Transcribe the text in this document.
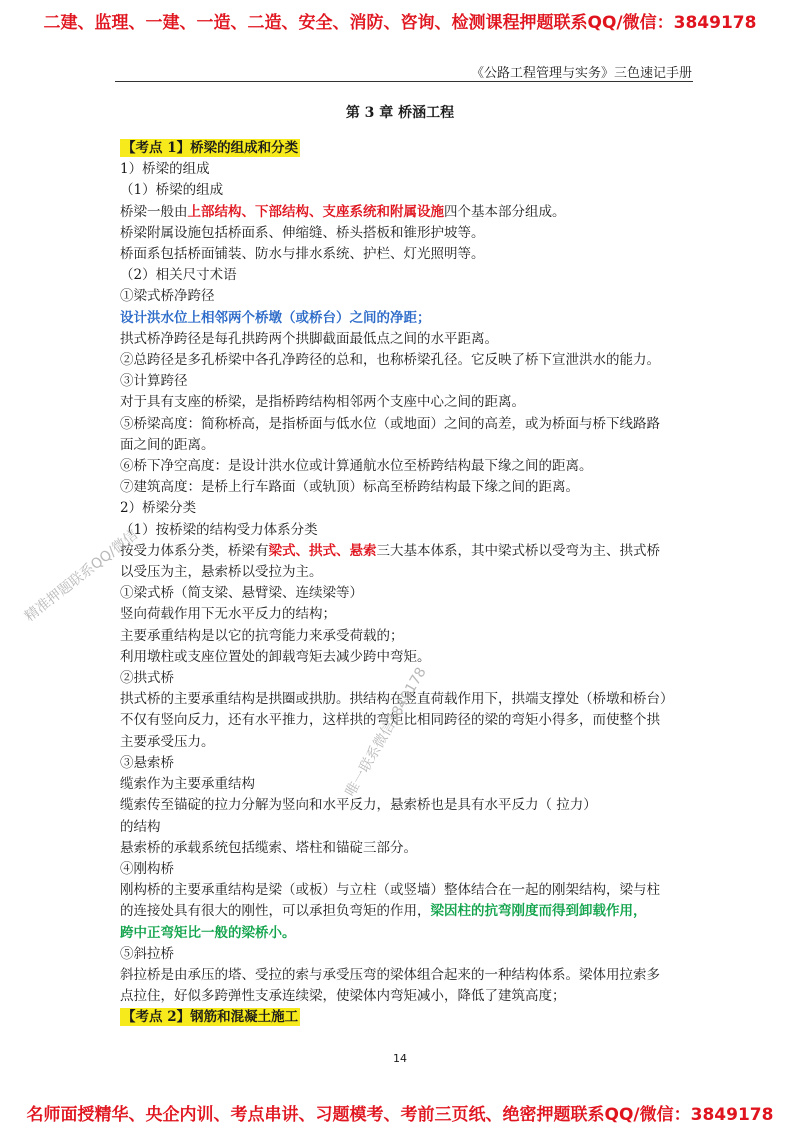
二建、监理、一建、一造、二造、安全、消防、咨询、检测课程押题联系QQ/微信：3849178
《公路工程管理与实务》三色速记手册
第 3 章 桥涵工程
【考点 1】桥梁的组成和分类
1）桥梁的组成
（1）桥梁的组成
桥梁一般由上部结构、下部结构、支座系统和附属设施四个基本部分组成。
桥梁附属设施包括桥面系、伸缩缝、桥头搭板和锥形护坡等。
桥面系包括桥面铺装、防水与排水系统、护栏、灯光照明等。
（2）相关尺寸术语
①梁式桥净跨径
设计洪水位上相邻两个桥墩（或桥台）之间的净距；
拱式桥净跨径是每孔拱跨两个拱脚截面最低点之间的水平距离。
②总跨径是多孔桥梁中各孔净跨径的总和，也称桥梁孔径。它反映了桥下宣泄洪水的能力。
③计算跨径
对于具有支座的桥梁，是指桥跨结构相邻两个支座中心之间的距离。
⑤桥梁高度：简称桥高，是指桥面与低水位（或地面）之间的高差，或为桥面与桥下线路路
面之间的距离。
⑥桥下净空高度：是设计洪水位或计算通航水位至桥跨结构最下缘之间的距离。
⑦建筑高度：是桥上行车路面（或轨顶）标高至桥跨结构最下缘之间的距离。
2）桥梁分类
（1）按桥梁的结构受力体系分类
按受力体系分类，桥梁有梁式、拱式、悬索三大基本体系，其中梁式桥以受弯为主、拱式桥
以受压为主，悬索桥以受拉为主。
①梁式桥（简支梁、悬臂梁、连续梁等）
竖向荷载作用下无水平反力的结构；
主要承重结构是以它的抗弯能力来承受荷载的；
利用墩柱或支座位置处的卸载弯矩去减少跨中弯矩。
②拱式桥
拱式桥的主要承重结构是拱圈或拱肋。拱结构在竖直荷载作用下，拱端支撑处（桥墩和桥台）
不仅有竖向反力，还有水平推力，这样拱的弯矩比相同跨径的梁的弯矩小得多，而使整个拱
主要承受压力。
③悬索桥
缆索作为主要承重结构
缆索传至锚碇的拉力分解为竖向和水平反力，悬索桥也是具有水平反力（ 拉力）
的结构
悬索桥的承载系统包括缆索、塔柱和锚碇三部分。
④刚构桥
刚构桥的主要承重结构是梁（或板）与立柱（或竖墙）整体结合在一起的刚架结构，梁与柱
的连接处具有很大的刚性，可以承担负弯矩的作用，梁因柱的抗弯刚度而得到卸载作用，
跨中正弯矩比一般的梁桥小。
⑤斜拉桥
斜拉桥是由承压的塔、受拉的索与承受压弯的梁体组合起来的一种结构体系。梁体用拉索多
点拉住，好似多跨弹性支承连续梁，使梁体内弯矩减小，降低了建筑高度；
【考点 2】钢筋和混凝土施工
精准押题联系QQ/微信
唯一联系微信3849178
14
名师面授精华、央企内训、考点串讲、习题模考、考前三页纸、绝密押题联系QQ/微信：3849178
